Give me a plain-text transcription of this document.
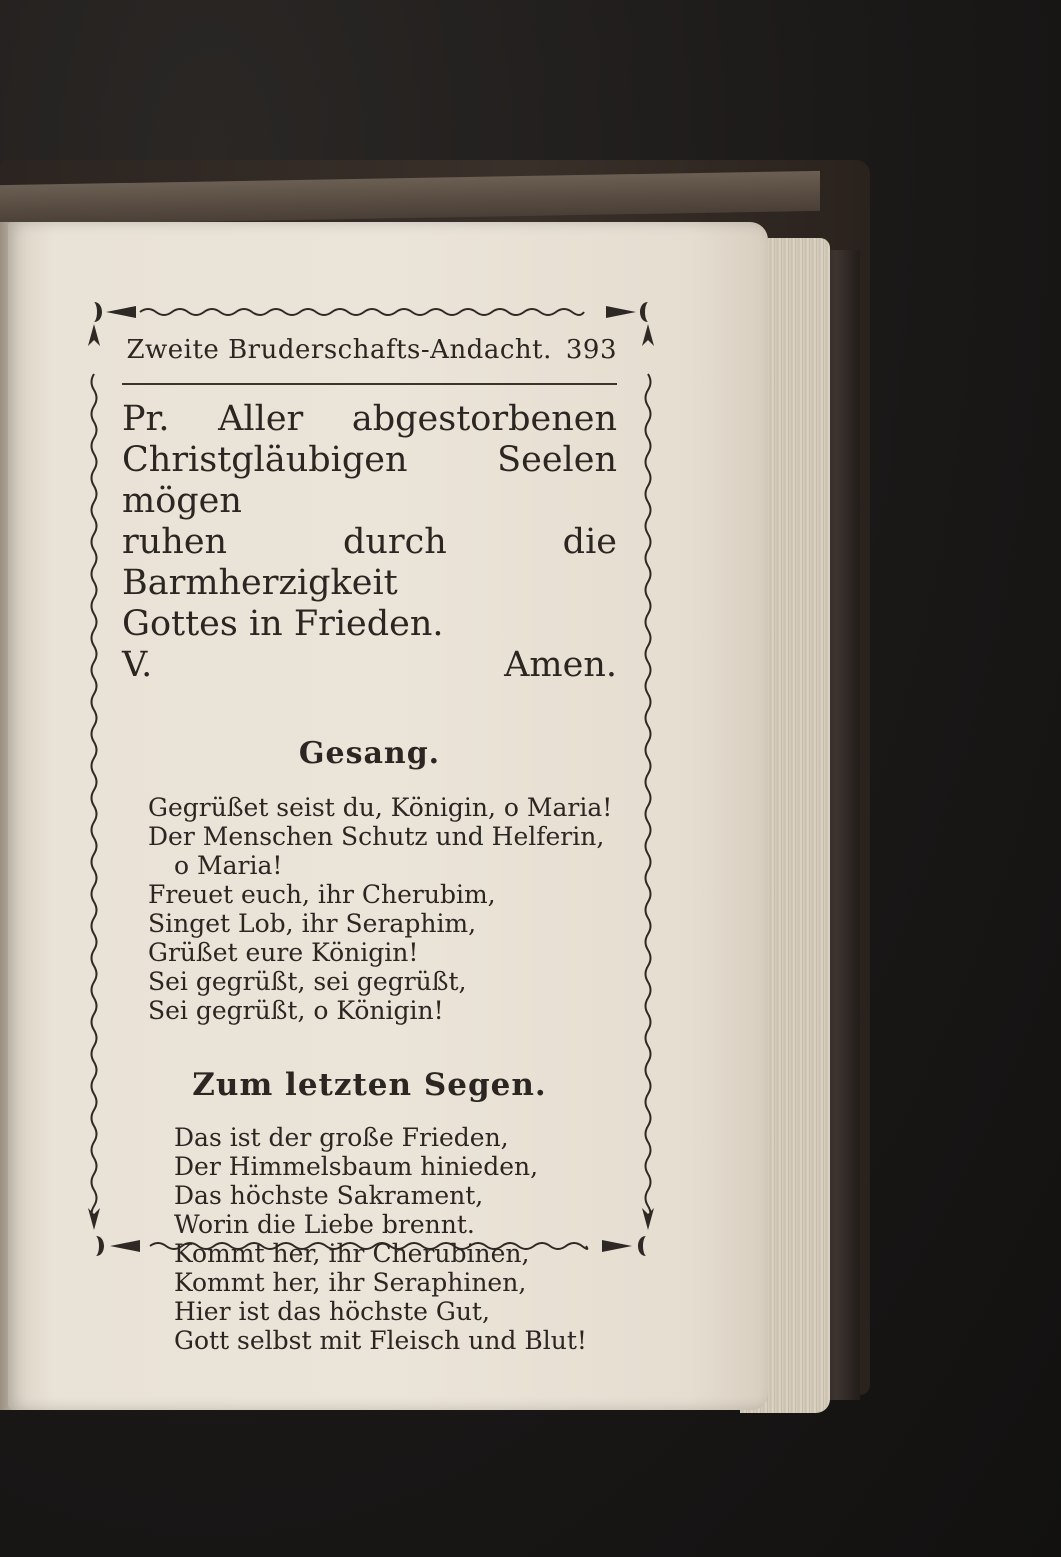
Zweite Bruderschafts-Andacht. 393

Pr. Aller abgestorbenen

Christgläubigen Seelen mögen

ruhen durch die Barmherzigkeit

Gottes in Frieden.

V. Amen.

Gesang.
Gegrüßet seist du, Königin, o Maria!
Der Menschen Schutz und Helferin,
o Maria!
Freuet euch, ihr Cherubim,
Singet Lob, ihr Seraphim,
Grüßet eure Königin!
Sei gegrüßt, sei gegrüßt,
Sei gegrüßt, o Königin!
Zum letzten Segen.
Das ist der große Frieden,
Der Himmelsbaum hinieden,
Das höchste Sakrament,
Worin die Liebe brennt.
Kommt her, ihr Cherubinen,
Kommt her, ihr Seraphinen,
Hier ist das höchste Gut,
Gott selbst mit Fleisch und Blut!
